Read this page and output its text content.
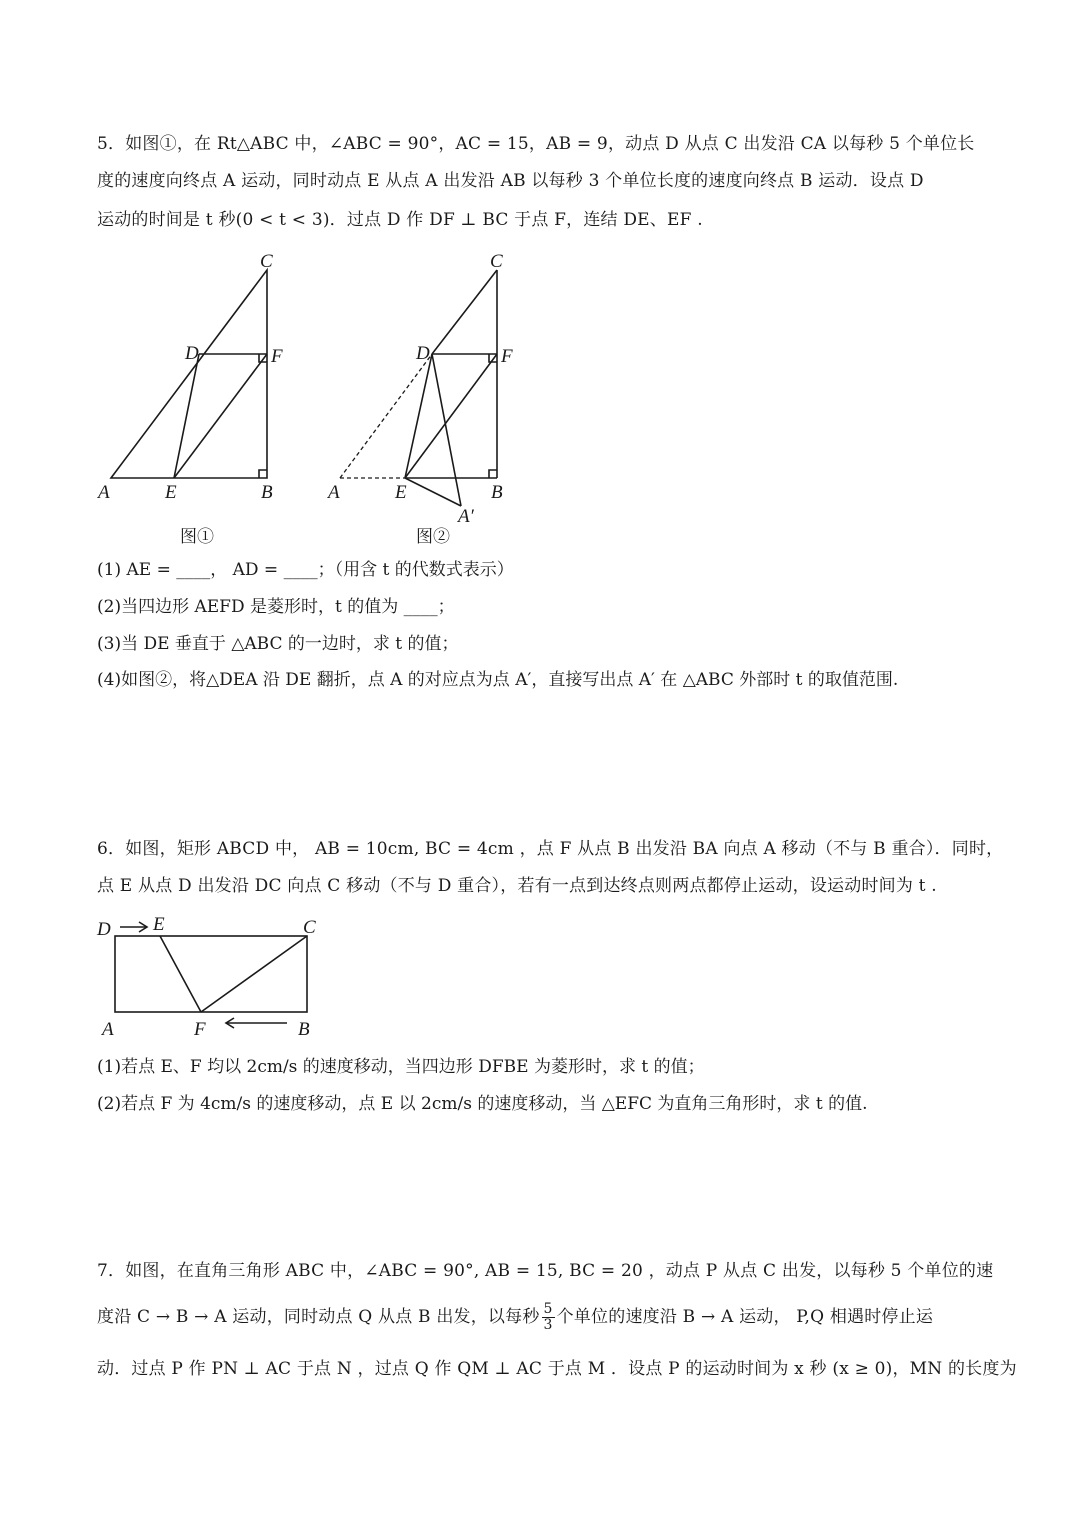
5．如图①，在 Rt△ABC 中，∠ABC = 90°，AC = 15，AB = 9，动点 D 从点 C 出发沿 CA 以每秒 5 个单位长
度的速度向终点 A 运动，同时动点 E 从点 A 出发沿 AB 以每秒 3 个单位长度的速度向终点 B 运动．设点 D
运动的时间是 t 秒(0 < t < 3)．过点 D 作 DF ⊥ BC 于点 F，连结 DE、EF .
C
D	F
A	E	B
图①
C
D	F
A	E	B
A′
图②
(1) AE = ____， AD = ____；（用含 t 的代数式表示）
(2)当四边形 AEFD 是菱形时，t 的值为 ____；
(3)当 DE 垂直于 △ABC 的一边时，求 t 的值；
(4)如图②，将△DEA 沿 DE 翻折，点 A 的对应点为点 A′，直接写出点 A′ 在 △ABC 外部时 t 的取值范围.
6．如图，矩形 ABCD 中， AB = 10cm, BC = 4cm ，点 F 从点 B 出发沿 BA 向点 A 移动（不与 B 重合）．同时，
点 E 从点 D 出发沿 DC 向点 C 移动（不与 D 重合），若有一点到达终点则两点都停止运动，设运动时间为 t .
D E	C
A	F	B
(1)若点 E、F 均以 2cm/s 的速度移动，当四边形 DFBE 为菱形时，求 t 的值；
(2)若点 F 为 4cm/s 的速度移动，点 E 以 2cm/s 的速度移动，当 △EFC 为直角三角形时，求 t 的值.
7．如图，在直角三角形 ABC 中，∠ABC = 90°, AB = 15, BC = 20 ，动点 P 从点 C 出发，以每秒 5 个单位的速
度沿 C → B → A 运动，同时动点 Q 从点 B 出发，以每秒 $\frac{5}{3}$ 个单位的速度沿 B → A 运动， P,Q 相遇时停止运
动．过点 P 作 PN ⊥ AC 于点 N ，过点 Q 作 QM ⊥ AC 于点 M ．设点 P 的运动时间为 x 秒 (x ≥ 0)，MN 的长度为
